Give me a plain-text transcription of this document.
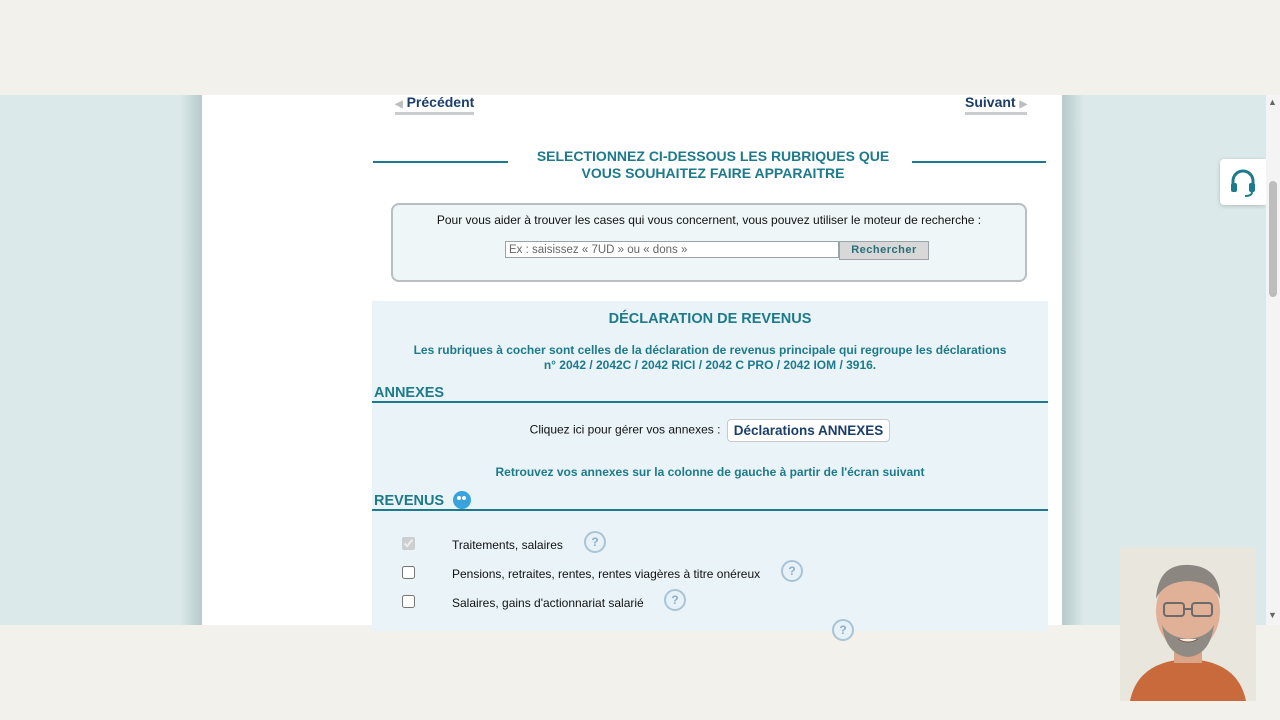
◀ Précédent	Suivant ▶
SELECTIONNEZ CI-DESSOUS LES RUBRIQUES QUE
VOUS SOUHAITEZ FAIRE APPARAITRE
Pour vous aider à trouver les cases qui vous concernent, vous pouvez utiliser le moteur de recherche :
Ex : saisissez « 7UD » ou « dons »
Rechercher
DÉCLARATION DE REVENUS
Les rubriques à cocher sont celles de la déclaration de revenus principale qui regroupe les déclarations
n° 2042 / 2042C / 2042 RICI / 2042 C PRO / 2042 IOM / 3916.
ANNEXES
Cliquez ici pour gérer vos annexes : Déclarations ANNEXES
Retrouvez vos annexes sur la colonne de gauche à partir de l'écran suivant
REVENUS
Traitements, salaires	?
Pensions, retraites, rentes, rentes viagères à titre onéreux	?
Salaires, gains d'actionnariat salarié	?
?
▲
▼
